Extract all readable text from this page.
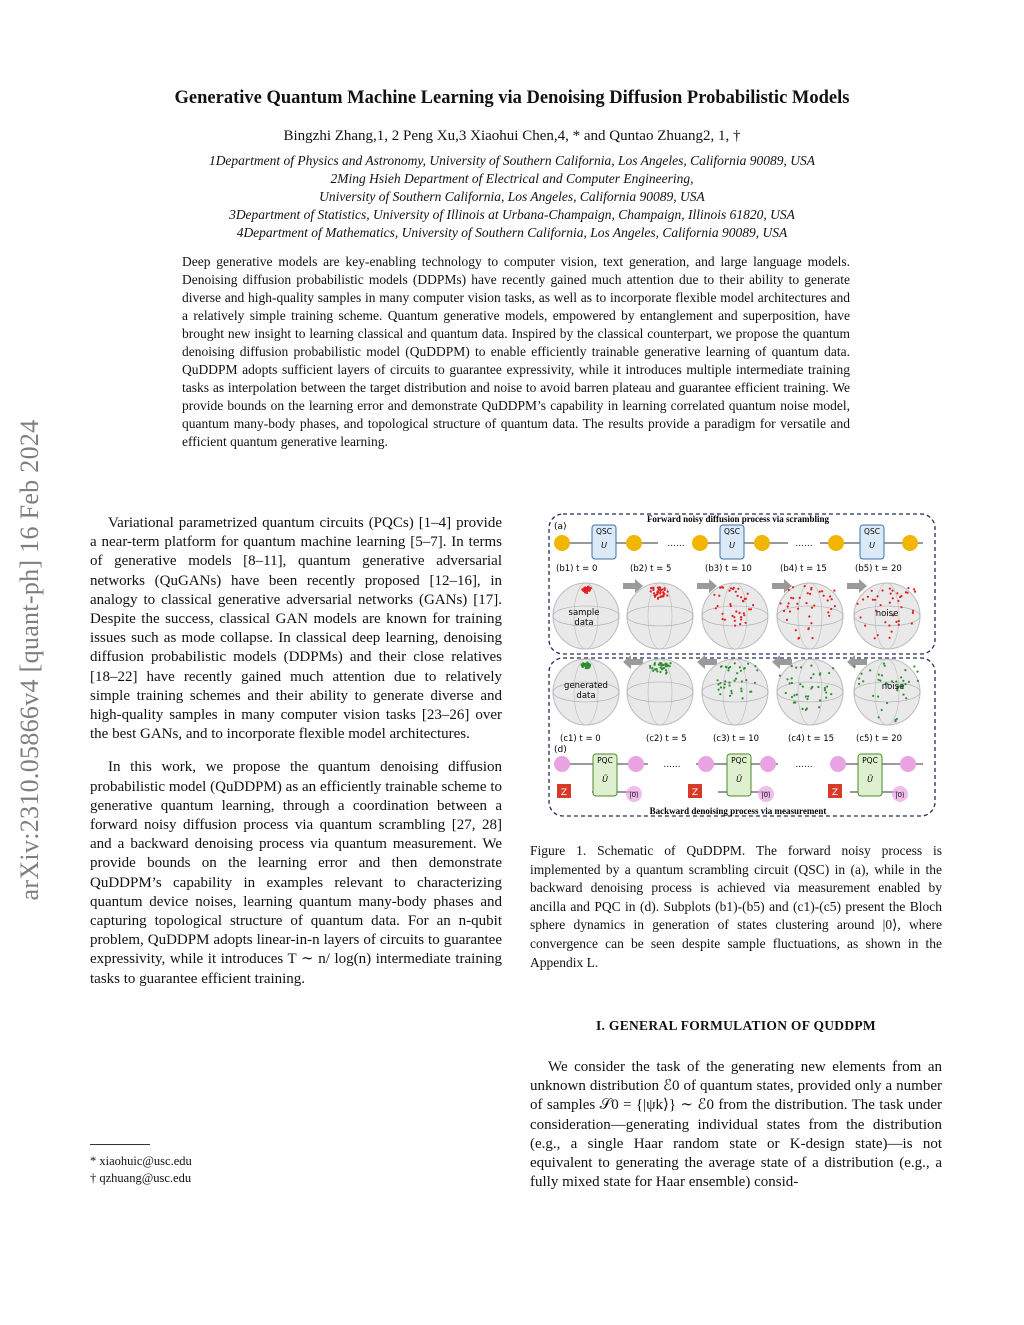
arXiv:2310.05866v4 [quant-ph] 16 Feb 2024
Generative Quantum Machine Learning via Denoising Diffusion Probabilistic Models
Bingzhi Zhang,1, 2 Peng Xu,3 Xiaohui Chen,4, * and Quntao Zhuang2, 1, †
1Department of Physics and Astronomy, University of Southern California, Los Angeles, California 90089, USA
2Ming Hsieh Department of Electrical and Computer Engineering,
University of Southern California, Los Angeles, California 90089, USA
3Department of Statistics, University of Illinois at Urbana-Champaign, Champaign, Illinois 61820, USA
4Department of Mathematics, University of Southern California, Los Angeles, California 90089, USA

Deep generative models are key-enabling technology to computer vision, text generation, and large language models. Denoising diffusion probabilistic models (DDPMs) have recently gained much attention due to their ability to generate diverse and high-quality samples in many computer vision tasks, as well as to incorporate flexible model architectures and a relatively simple training scheme. Quantum generative models, empowered by entanglement and superposition, have brought new insight to learning classical and quantum data. Inspired by the classical counterpart, we propose the quantum denoising diffusion probabilistic model (QuDDPM) to enable efficiently trainable generative learning of quantum data. QuDDPM adopts sufficient layers of circuits to guarantee expressivity, while it introduces multiple intermediate training tasks as interpolation between the target distribution and noise to avoid barren plateau and guarantee efficient training. We provide bounds on the learning error and demonstrate QuDDPM’s capability in learning correlated quantum noise model, quantum many-body phases, and topological structure of quantum data. The results provide a paradigm for versatile and efficient quantum generative learning.

Variational parametrized quantum circuits (PQCs) [1–4] provide a near-term platform for quantum machine learning [5–7]. In terms of generative models [8–11], quantum generative adversarial networks (QuGANs) have been recently proposed [12–16], in analogy to classical generative adversarial networks (GANs) [17]. Despite the success, classical GAN models are known for training issues such as mode collapse. In classical deep learning, denoising diffusion probabilistic models (DDPMs) and their close relatives [18–22] have recently gained much attention due to relatively simple training schemes and their ability to generate diverse and high-quality samples in many computer vision tasks [23–26] over the best GANs, and to incorporate flexible model architectures.

In this work, we propose the quantum denoising diffusion probabilistic model (QuDDPM) as an efficiently trainable scheme to generative quantum learning, through a coordination between a forward noisy diffusion process via quantum scrambling [27, 28] and a backward denoising process via quantum measurement. We provide bounds on the learning error and then demonstrate QuDDPM’s capability in examples relevant to characterizing quantum device noises, learning quantum many-body phases and capturing topological structure of quantum data. For an n-qubit problem, QuDDPM adopts linear-in-n layers of circuits to guarantee expressivity, while it introduces T ∼ n/ log(n) intermediate training tasks to guarantee efficient training.

* xiaohuic@usc.edu
† qzhuang@usc.edu
Forward noisy diffusion process via scrambling
(a)	QSC
U	......
QSC
U	......
QSC
U
(b1) t = 0	(b2) t = 5	(b3) t = 10	(b4) t = 15	(b5) t = 20
sample
data
noise
generated
data
noise
(c1) t = 0	(c2) t = 5	(c3) t = 10	(c4) t = 15	(c5) t = 20
(d)
PQC
Ũ
Z	|0⟩
......	PQC
Ũ
Z	|0⟩
......	PQC
Ũ
Z	|0⟩
Backward denoising process via measurement
Figure 1. Schematic of QuDDPM. The forward noisy process is implemented by a quantum scrambling circuit (QSC) in (a), while in the backward denoising process is achieved via measurement enabled by ancilla and PQC in (d). Subplots (b1)-(b5) and (c1)-(c5) present the Bloch sphere dynamics in generation of states clustering around |0⟩, where convergence can be seen despite sample fluctuations, as shown in the Appendix L.
I. GENERAL FORMULATION OF QUDDPM

We consider the task of the generating new elements from an unknown distribution ℰ0 of quantum states, provided only a number of samples 𝒮0 = {|ψk⟩} ∼ ℰ0 from the distribution. The task under consideration—generating individual states from the distribution (e.g., a single Haar random state or K-design state)—is not equivalent to generating the average state of a distribution (e.g., a fully mixed state for Haar ensemble) consid-
